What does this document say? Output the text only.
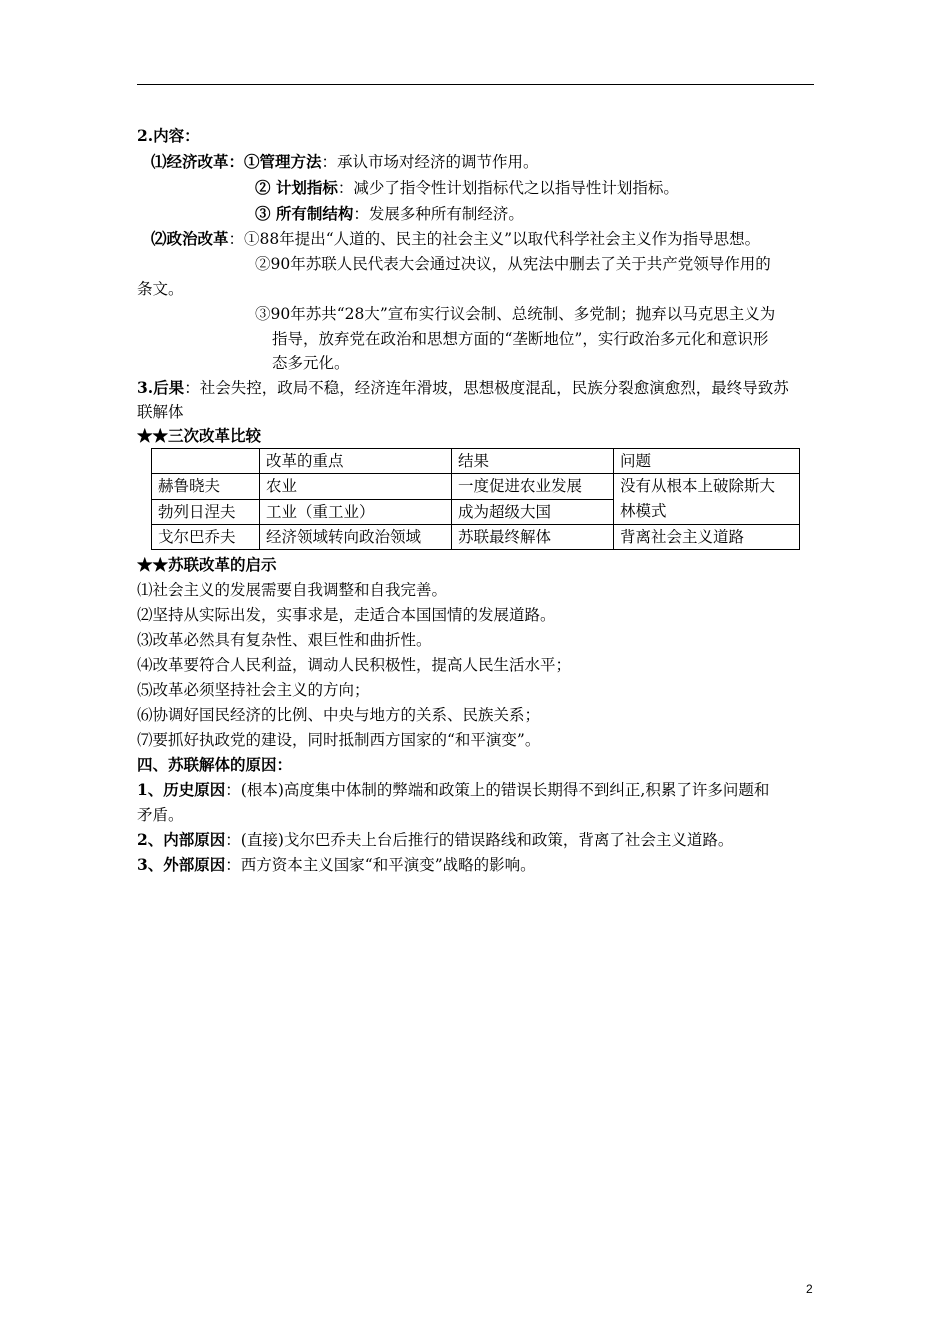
2.内容：
⑴经济改革：①管理方法：承认市场对经济的调节作用。
② 计划指标：减少了指令性计划指标代之以指导性计划指标。
③ 所有制结构：发展多种所有制经济。
⑵政治改革：①88年提出“人道的、民主的社会主义”以取代科学社会主义作为指导思想。
②90年苏联人民代表大会通过决议，从宪法中删去了关于共产党领导作用的
条文。
③90年苏共“28大”宣布实行议会制、总统制、多党制；抛弃以马克思主义为
指导，放弃党在政治和思想方面的“垄断地位”，实行政治多元化和意识形
态多元化。
3.后果：社会失控，政局不稳，经济连年滑坡，思想极度混乱，民族分裂愈演愈烈，最终导致苏
联解体
★★三次改革比较
	改革的重点	结果	问题
赫鲁晓夫	农业	一度促进农业发展	没有从根本上破除斯大
林模式

勃列日涅夫	工业（重工业）	成为超级大国	
戈尔巴乔夫	经济领域转向政治领域	苏联最终解体	背离社会主义道路
★★苏联改革的启示
⑴社会主义的发展需要自我调整和自我完善。
⑵坚持从实际出发，实事求是，走适合本国国情的发展道路。
⑶改革必然具有复杂性、艰巨性和曲折性。
⑷改革要符合人民利益，调动人民积极性，提高人民生活水平；
⑸改革必须坚持社会主义的方向；
⑹协调好国民经济的比例、中央与地方的关系、民族关系；
⑺要抓好执政党的建设，同时抵制西方国家的“和平演变”。
四、苏联解体的原因：
1、历史原因：(根本)高度集中体制的弊端和政策上的错误长期得不到纠正,积累了许多问题和
矛盾。
2、内部原因：(直接)戈尔巴乔夫上台后推行的错误路线和政策，背离了社会主义道路。
3、外部原因：西方资本主义国家“和平演变”战略的影响。
2
